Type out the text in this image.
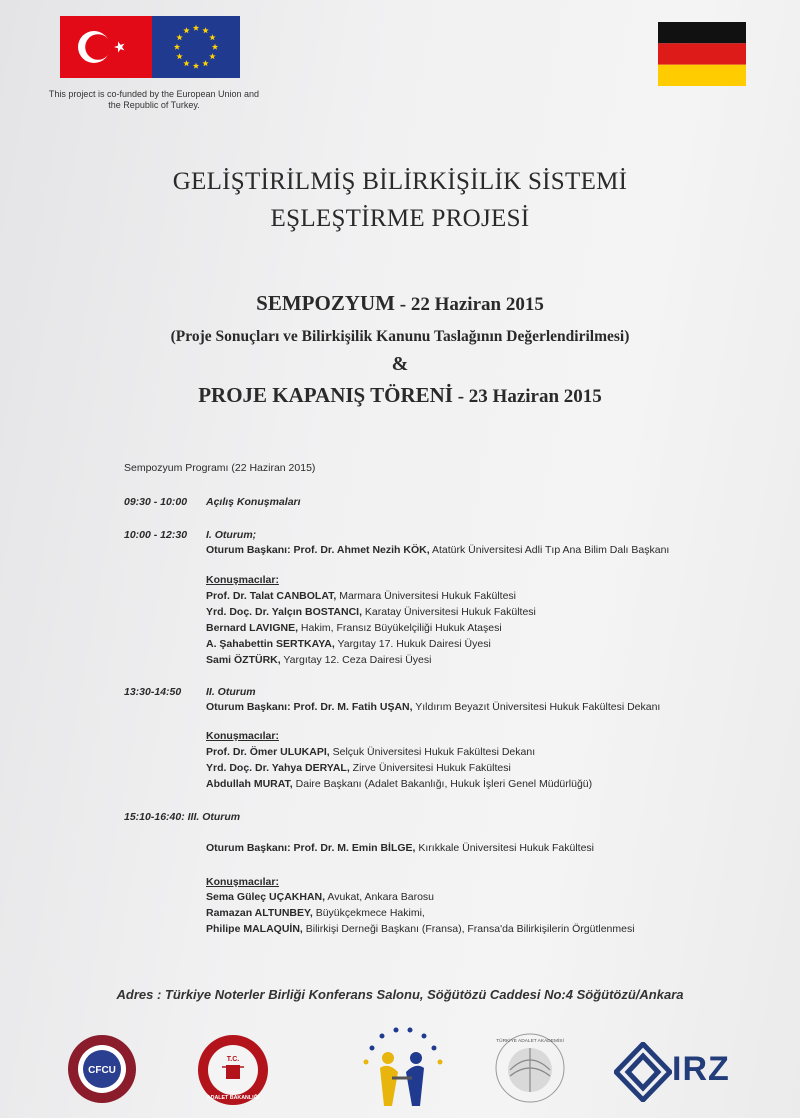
This project is co-funded by the European Union and the Republic of Turkey.
GELİŞTİRİLMİŞ BİLİRKİŞİLİK SİSTEMİ
EŞLEŞTİRME PROJESİ
SEMPOZYUM - 22 Haziran 2015
(Proje Sonuçları ve Bilirkişilik Kanunu Taslağının Değerlendirilmesi)
&
PROJE KAPANIŞ TÖRENİ - 23 Haziran 2015
Sempozyum Programı (22 Haziran 2015)
09:30 - 10:00 Açılış Konuşmaları
10:00 - 12:30 I. Oturum;
Oturum Başkanı: Prof. Dr. Ahmet Nezih KÖK, Atatürk Üniversitesi Adli Tıp Ana Bilim Dalı Başkanı
Konuşmacılar:
Prof. Dr. Talat CANBOLAT, Marmara Üniversitesi Hukuk Fakültesi
Yrd. Doç. Dr. Yalçın BOSTANCI, Karatay Üniversitesi Hukuk Fakültesi
Bernard LAVIGNE, Hakim, Fransız Büyükelçiliği Hukuk Ataşesi
A. Şahabettin SERTKAYA, Yargıtay 17. Hukuk Dairesi Üyesi
Sami ÖZTÜRK, Yargıtay 12. Ceza Dairesi Üyesi
13:30-14:50 II. Oturum
Oturum Başkanı: Prof. Dr. M. Fatih UŞAN, Yıldırım Beyazıt Üniversitesi Hukuk Fakültesi Dekanı
Konuşmacılar:
Prof. Dr. Ömer ULUKAPI, Selçuk Üniversitesi Hukuk Fakültesi Dekanı
Yrd. Doç. Dr. Yahya DERYAL, Zirve Üniversitesi Hukuk Fakültesi
Abdullah MURAT, Daire Başkanı (Adalet Bakanlığı, Hukuk İşleri Genel Müdürlüğü)
15:10-16:40: III. Oturum
Oturum Başkanı: Prof. Dr. M. Emin BİLGE, Kırıkkale Üniversitesi Hukuk Fakültesi
Konuşmacılar:
Sema Güleç UÇAKHAN, Avukat, Ankara Barosu
Ramazan ALTUNBEY, Büyükçekmece Hakimi,
Philipe MALAQUİN, Bilirkişi Derneği Başkanı (Fransa), Fransa'da Bilirkişilerin Örgütlenmesi
Adres : Türkiye Noterler Birliği Konferans Salonu, Söğütözü Caddesi No:4 Söğütözü/Ankara
CFCU
T.C.
ADALET BAKANLIĞI
TÜRKİYE ADALET AKADEMİSİ
IRZ
